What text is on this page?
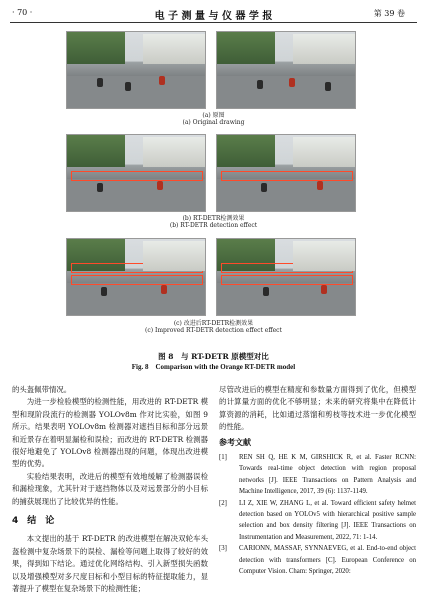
· 70 ·	电 子 测 量 与 仪 器 学 报	第 39 卷
(a) 原图
(a) Original drawing
(b) RT-DETR检测效果
(b) RT-DETR detection effect
(c) 改进后RT-DETR检测效果
(c) Improved RT-DETR detection effect effect
图 8　与 RT-DETR 原模型对比
Fig. 8　Comparison with the Orange RT-DETR model

的头盔佩带情况。

为进一步检验模型的检测性能，用改进的 RT-DETR 模型和现阶段流行的检测器 YOLOv8m 作对比实验，如图 9 所示。结果表明 YOLOv8m 检测器对遮挡目标和部分远景和近景存在着明显漏检和误检；而改进的 RT-DETR 检测器很好地避免了 YOLOv8 检测器出现的问题，体现出改进模型的优势。

实验结果表明，改进后的模型有效地缓解了检测器误检和漏检现象，尤其针对于遮挡物体以及对远景部分的小目标的捕获展现出了比较优异的性能。

4　结　论

本文提出的基于 RT-DETR 的改进模型在解决双轮车头盔检测中复杂场景下的误检、漏检等问题上取得了较好的效果，得到如下结论。通过优化网络结构、引入新型损失函数以及增强模型对多尺度目标和小型目标的特征提取能力，显著提升了模型在复杂场景下的检测性能；

尽管改进后的模型在精度和参数量方面得到了优化，但模型的计算量方面的优化不够明显；未来的研究将集中在降低计算资源的消耗，比如通过蒸馏和剪枝等技术进一步优化模型的性能。

参考文献
[1]	REN SH Q, HE K M, GIRSHICK R, et al. Faster RCNN: Towards real-time object detection with region proposal networks [J]. IEEE Transactions on Pattern Analysis and Machine Intelligence, 2017, 39 (6): 1137-1149.
[2]	LI Z, XIE W, ZHANG L, et al. Toward efficient safety helmet detection based on YOLOv5 with hierarchical positive sample selection and box density filtering [J]. IEEE Transactions on Instrumentation and Measurement, 2022, 71: 1-14.
[3]	CARIONN, MASSAF, SYNNAEVEG, et al. End-to-end object detection with transformers [C]. European Conference on Computer Vision. Cham: Springer, 2020:
